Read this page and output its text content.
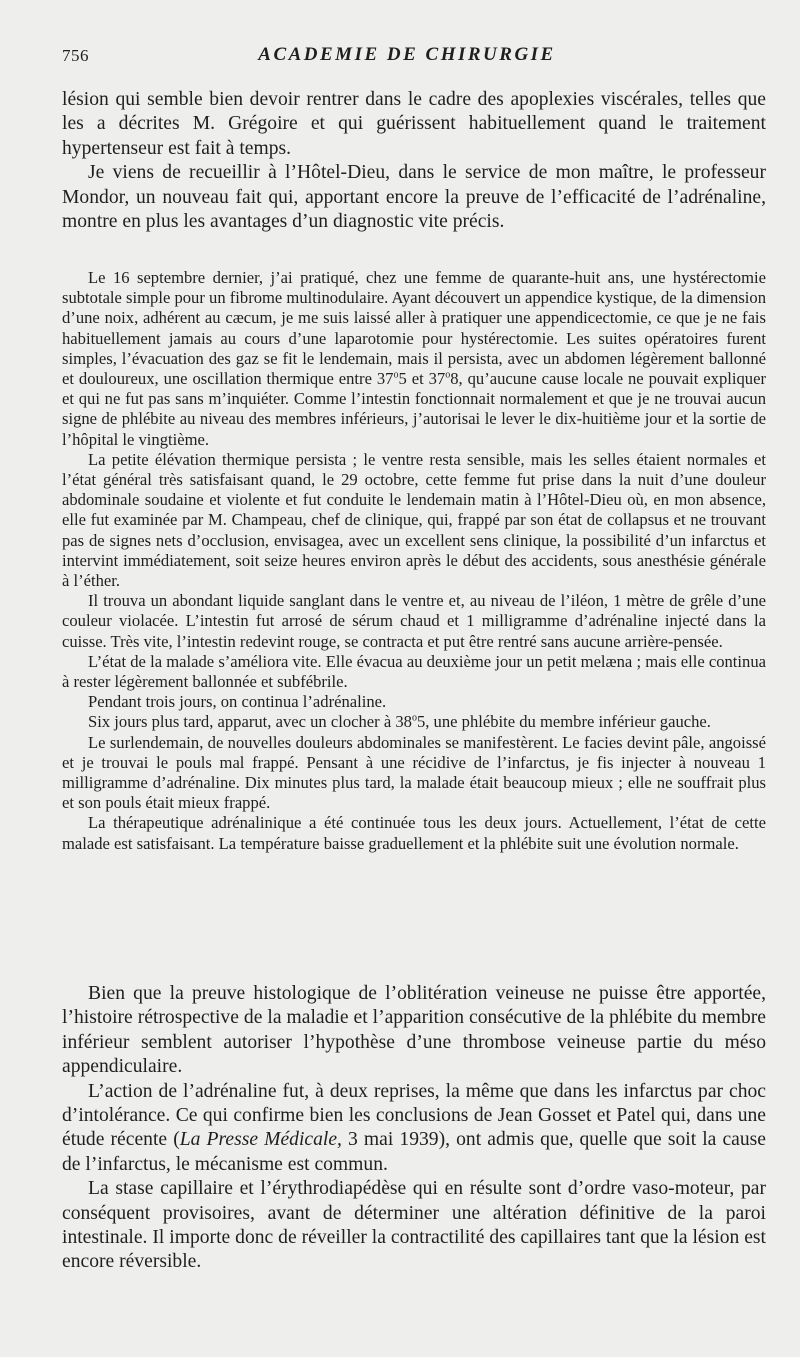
756	ACADEMIE DE CHIRURGIE

lésion qui semble bien devoir rentrer dans le cadre des apoplexies viscérales, telles que les a décrites M. Grégoire et qui guérissent habituellement quand le traitement hypertenseur est fait à temps.

Je viens de recueillir à l’Hôtel-Dieu, dans le service de mon maître, le professeur Mondor, un nouveau fait qui, apportant encore la preuve de l’efficacité de l’adrénaline, montre en plus les avantages d’un diagnostic vite précis.

Le 16 septembre dernier, j’ai pratiqué, chez une femme de quarante-huit ans, une hystérectomie subtotale simple pour un fibrome multinodulaire. Ayant découvert un appendice kystique, de la dimension d’une noix, adhérent au cæcum, je me suis laissé aller à pratiquer une appendicectomie, ce que je ne fais habituellement jamais au cours d’une laparotomie pour hystérectomie. Les suites opératoires furent simples, l’évacuation des gaz se fit le lendemain, mais il persista, avec un abdomen légèrement ballonné et douloureux, une oscillation thermique entre 37$^o$5 et 37$^o$8, qu’aucune cause locale ne pouvait expliquer et qui ne fut pas sans m’inquiéter. Comme l’intestin fonctionnait normalement et que je ne trouvai aucun signe de phlébite au niveau des membres inférieurs, j’autorisai le lever le dix-huitième jour et la sortie de l’hôpital le vingtième.

La petite élévation thermique persista ; le ventre resta sensible, mais les selles étaient normales et l’état général très satisfaisant quand, le 29 octobre, cette femme fut prise dans la nuit d’une douleur abdominale soudaine et violente et fut conduite le lendemain matin à l’Hôtel-Dieu où, en mon absence, elle fut examinée par M. Champeau, chef de clinique, qui, frappé par son état de collapsus et ne trouvant pas de signes nets d’occlusion, envisagea, avec un excellent sens clinique, la possibilité d’un infarctus et intervint immédiatement, soit seize heures environ après le début des accidents, sous anesthésie générale à l’éther.

Il trouva un abondant liquide sanglant dans le ventre et, au niveau de l’iléon, 1 mètre de grêle d’une couleur violacée. L’intestin fut arrosé de sérum chaud et 1 milligramme d’adrénaline injecté dans la cuisse. Très vite, l’intestin redevint rouge, se contracta et put être rentré sans aucune arrière-pensée.

L’état de la malade s’améliora vite. Elle évacua au deuxième jour un petit melæna ; mais elle continua à rester légèrement ballonnée et subfébrile.

Pendant trois jours, on continua l’adrénaline.

Six jours plus tard, apparut, avec un clocher à 38$^o$5, une phlébite du membre inférieur gauche.

Le surlendemain, de nouvelles douleurs abdominales se manifestèrent. Le facies devint pâle, angoissé et je trouvai le pouls mal frappé. Pensant à une récidive de l’infarctus, je fis injecter à nouveau 1 milligramme d’adrénaline. Dix minutes plus tard, la malade était beaucoup mieux ; elle ne souffrait plus et son pouls était mieux frappé.

La thérapeutique adrénalinique a été continuée tous les deux jours. Actuellement, l’état de cette malade est satisfaisant. La température baisse graduellement et la phlébite suit une évolution normale.

Bien que la preuve histologique de l’oblitération veineuse ne puisse être apportée, l’histoire rétrospective de la maladie et l’apparition consécutive de la phlébite du membre inférieur semblent autoriser l’hypothèse d’une thrombose veineuse partie du méso appendiculaire.

L’action de l’adrénaline fut, à deux reprises, la même que dans les infarctus par choc d’intolérance. Ce qui confirme bien les conclusions de Jean Gosset et Patel qui, dans une étude récente (La Presse Médicale, 3 mai 1939), ont admis que, quelle que soit la cause de l’infarctus, le mécanisme est commun.

La stase capillaire et l’érythrodiapédèse qui en résulte sont d’ordre vaso-moteur, par conséquent provisoires, avant de déterminer une altération définitive de la paroi intestinale. Il importe donc de réveiller la contractilité des capillaires tant que la lésion est encore réversible.
